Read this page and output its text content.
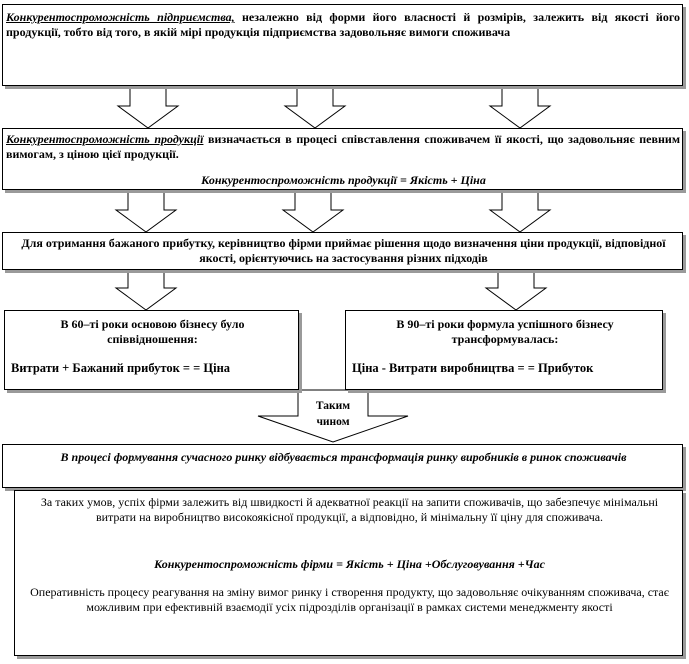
Таким чином
Конкурентоспроможність підприємства, незалежно від форми його власності й розмірів, залежить від якості його продукції, тобто від того, в якій мірі продукція підприємства задовольняє вимоги споживача
Конкурентоспроможність продукції визначається в процесі співставлення споживачем її якості, що задовольняє певним вимогам, з ціною цієї продукції.
Конкурентоспроможність продукції = Якість + Ціна
Для отримання бажаного прибутку, керівництво фірми приймає рішення щодо визначення ціни продукції, відповідної якості, орієнтуючись на застосування різних підходів
В 60–ті роки основою бізнесу було співвідношення:
Витрати + Бажаний прибуток = = Ціна
В 90–ті роки формула успішного бізнесу трансформувалась:
Ціна - Витрати виробництва = = Прибуток
В процесі формування сучасного ринку відбувається трансформація ринку виробників в ринок споживачів
За таких умов, успіх фірми залежить від швидкості й адекватної реакції на запити споживачів, що забезпечує мінімальні витрати на виробництво високоякісної продукції, а відповідно, й мінімальну її ціну для споживача.
Конкурентоспроможність фірми = Якість + Ціна +Обслуговування +Час
Оперативність процесу реагування на зміну вимог ринку і створення продукту, що задовольняє очікуванням споживача, стає можливим при ефективній взаємодії усіх підрозділів організації в рамках системи менеджменту якості
